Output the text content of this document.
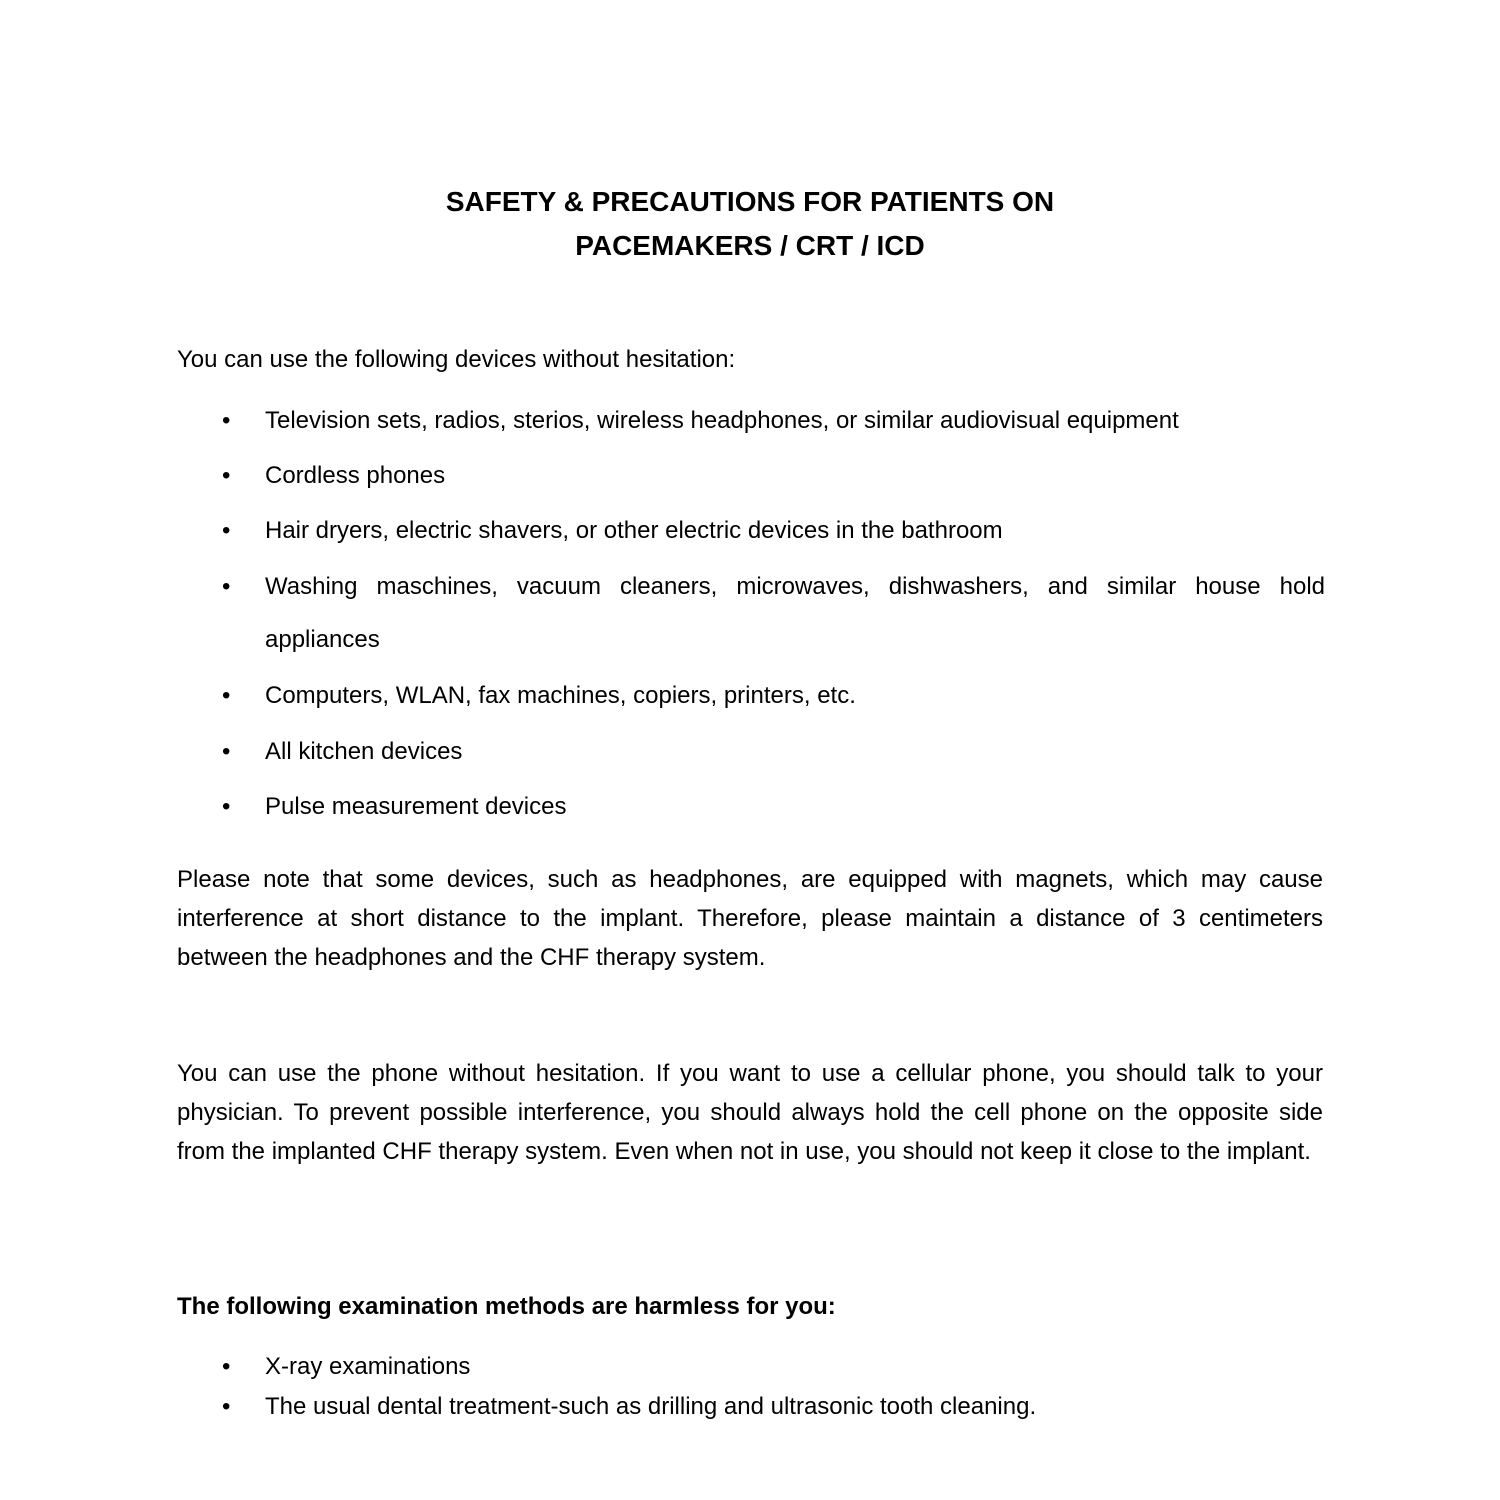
SAFETY & PRECAUTIONS FOR PATIENTS ON
PACEMAKERS / CRT / ICD
You can use the following devices without hesitation:
• Television sets, radios, sterios, wireless headphones, or similar audiovisual equipment
• Cordless phones
• Hair dryers, electric shavers, or other electric devices in the bathroom
• Washing maschines, vacuum cleaners, microwaves, dishwashers, and similar house hold appliances
• Computers, WLAN, fax machines, copiers, printers, etc.
• All kitchen devices
• Pulse measurement devices
Please note that some devices, such as headphones, are equipped with magnets, which may cause interference at short distance to the implant. Therefore, please maintain a distance of 3 centimeters between the headphones and the CHF therapy system.
You can use the phone without hesitation. If you want to use a cellular phone, you should talk to your physician. To prevent possible interference, you should always hold the cell phone on the opposite side from the implanted CHF therapy system. Even when not in use, you should not keep it close to the implant.
The following examination methods are harmless for you:
• X-ray examinations
• The usual dental treatment-such as drilling and ultrasonic tooth cleaning.
